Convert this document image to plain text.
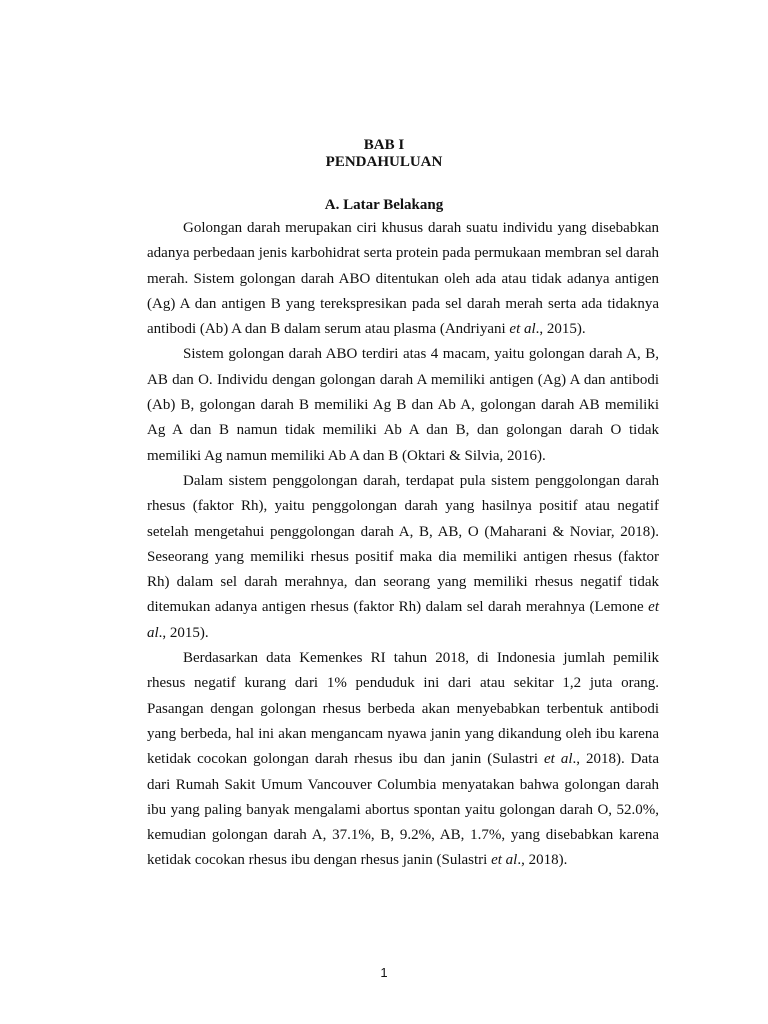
BAB I
PENDAHULUAN
A. Latar Belakang

Golongan darah merupakan ciri khusus darah suatu individu yang disebabkan adanya perbedaan jenis karbohidrat serta protein pada permukaan membran sel darah merah. Sistem golongan darah ABO ditentukan oleh ada atau tidak adanya antigen (Ag) A dan antigen B yang terekspresikan pada sel darah merah serta ada tidaknya antibodi (Ab) A dan B dalam serum atau plasma (Andriyani et al., 2015).

Sistem golongan darah ABO terdiri atas 4 macam, yaitu golongan darah A, B, AB dan O. Individu dengan golongan darah A memiliki antigen (Ag) A dan antibodi (Ab) B, golongan darah B memiliki Ag B dan Ab A, golongan darah AB memiliki Ag A dan B namun tidak memiliki Ab A dan B, dan golongan darah O tidak memiliki Ag namun memiliki Ab A dan B (Oktari & Silvia, 2016).

Dalam sistem penggolongan darah, terdapat pula sistem penggolongan darah rhesus (faktor Rh), yaitu penggolongan darah yang hasilnya positif atau negatif setelah mengetahui penggolongan darah A, B, AB, O (Maharani & Noviar, 2018). Seseorang yang memiliki rhesus positif maka dia memiliki antigen rhesus (faktor Rh) dalam sel darah merahnya, dan seorang yang memiliki rhesus negatif tidak ditemukan adanya antigen rhesus (faktor Rh) dalam sel darah merahnya (Lemone et al., 2015).

Berdasarkan data Kemenkes RI tahun 2018, di Indonesia jumlah pemilik rhesus negatif kurang dari 1% penduduk ini dari atau sekitar 1,2 juta orang. Pasangan dengan golongan rhesus berbeda akan menyebabkan terbentuk antibodi yang berbeda, hal ini akan mengancam nyawa janin yang dikandung oleh ibu karena ketidak cocokan golongan darah rhesus ibu dan janin (Sulastri et al., 2018). Data dari Rumah Sakit Umum Vancouver Columbia menyatakan bahwa golongan darah ibu yang paling banyak mengalami abortus spontan yaitu golongan darah O, 52.0%, kemudian golongan darah A, 37.1%, B, 9.2%, AB, 1.7%, yang disebabkan karena ketidak cocokan rhesus ibu dengan rhesus janin (Sulastri et al., 2018).

1
